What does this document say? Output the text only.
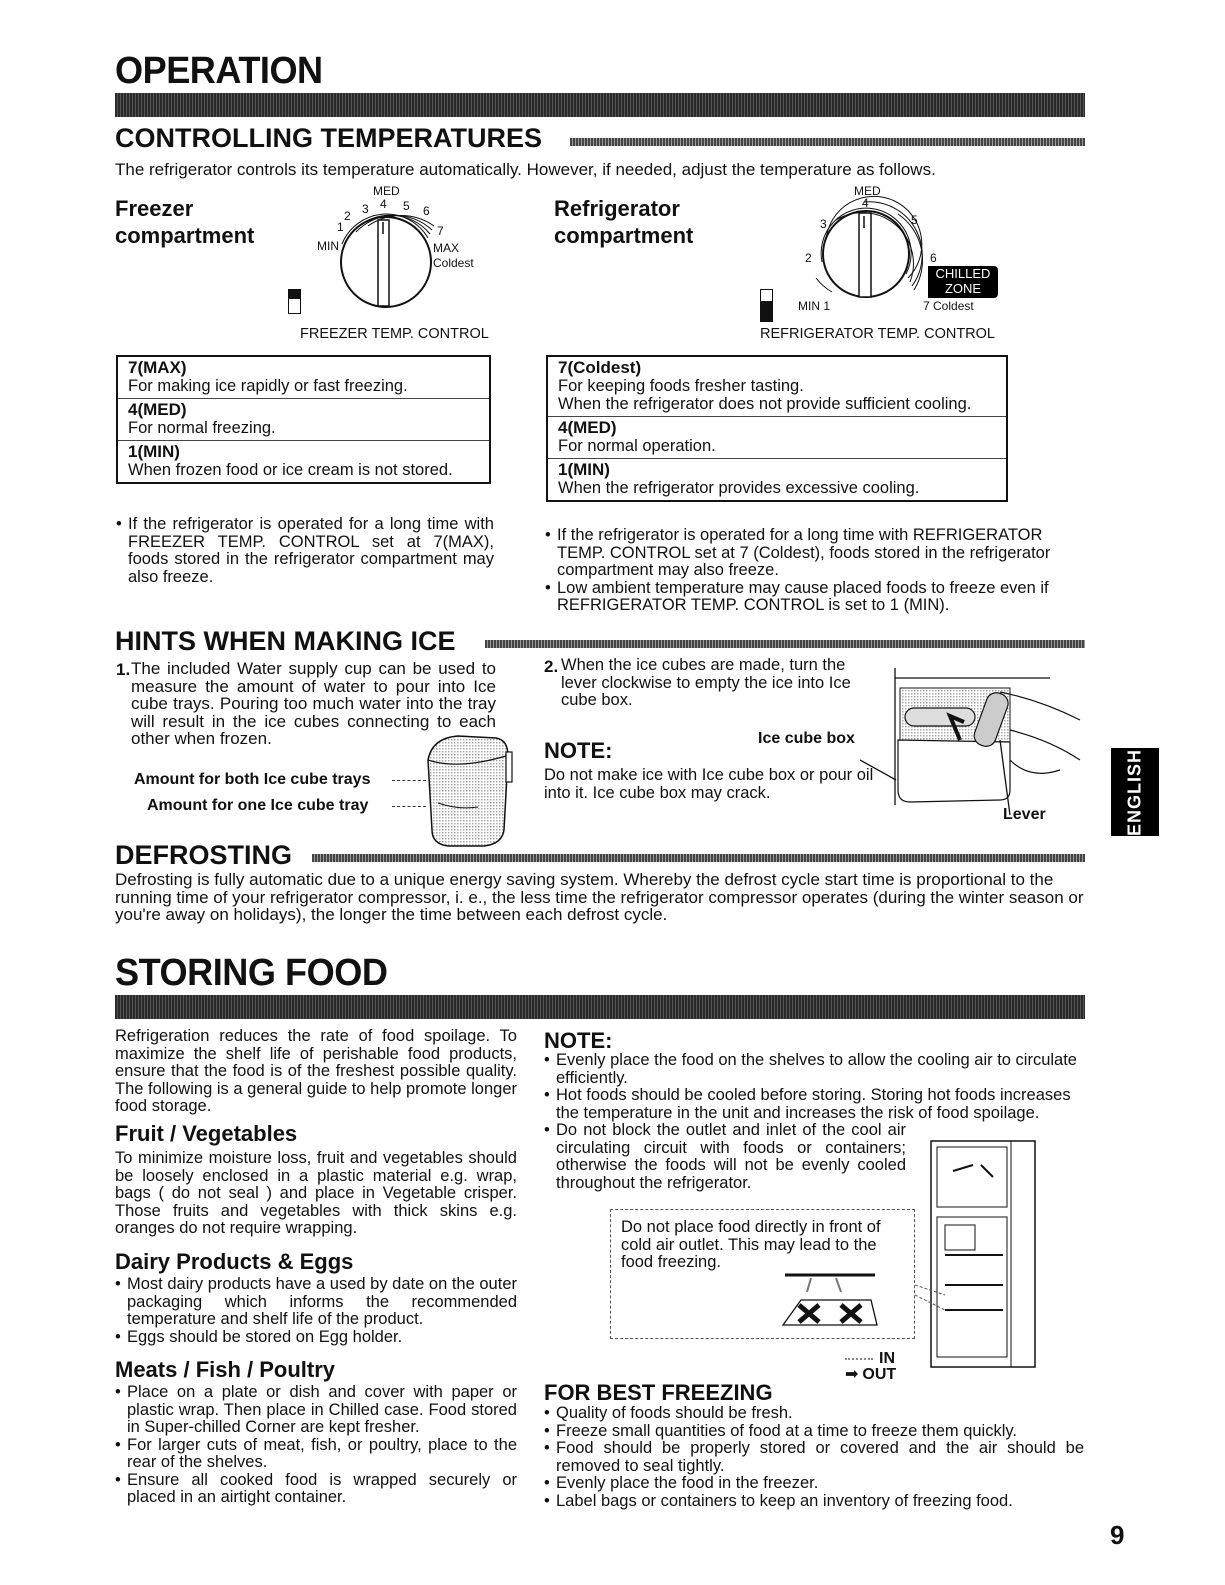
OPERATION
CONTROLLING TEMPERATURES
The refrigerator controls its temperature automatically. However, if needed, adjust the temperature as follows.
Freezer
compartment
MED
1
2 3 4 5 6
7
MIN	MAX
Coldest
FREEZER TEMP. CONTROL
Refrigerator
compartment
MED
2
3
4
5
6
MIN 1	7 Coldest
CHILLED
ZONE
REFRIGERATOR TEMP. CONTROL
7(MAX)
For making ice rapidly or fast freezing.
4(MED)
For normal freezing.
1(MIN)
When frozen food or ice cream is not stored.
• If the refrigerator is operated for a long time with FREEZER TEMP. CONTROL set at 7(MAX), foods stored in the refrigerator compartment may also freeze.
7(Coldest)
For keeping foods fresher tasting.
When the refrigerator does not provide sufficient cooling.
4(MED)
For normal operation.
1(MIN)
When the refrigerator provides excessive cooling.
• If the refrigerator is operated for a long time with REFRIGERATOR TEMP. CONTROL set at 7 (Coldest), foods stored in the refrigerator compartment may also freeze.
• Low ambient temperature may cause placed foods to freeze even if REFRIGERATOR TEMP. CONTROL is set to 1 (MIN).
HINTS WHEN MAKING ICE
1. The included Water supply cup can be used to measure the amount of water to pour into Ice cube trays. Pouring too much water into the tray will result in the ice cubes connecting to each other when frozen.
Amount for both Ice cube trays
Amount for one Ice cube tray
2. When the ice cubes are made, turn the lever clockwise to empty the ice into Ice cube box.
NOTE:
Do not make ice with Ice cube box or pour oil into it. Ice cube box may crack.
Ice cube box
Lever
DEFROSTING
Defrosting is fully automatic due to a unique energy saving system. Whereby the defrost cycle start time is proportional to the running time of your refrigerator compressor, i. e., the less time the refrigerator compressor operates (during the winter season or you're away on holidays), the longer the time between each defrost cycle.
STORING FOOD
Refrigeration reduces the rate of food spoilage. To maximize the shelf life of perishable food products, ensure that the food is of the freshest possible quality. The following is a general guide to help promote longer food storage.
Fruit / Vegetables
To minimize moisture loss, fruit and vegetables should be loosely enclosed in a plastic material e.g. wrap, bags ( do not seal ) and place in Vegetable crisper. Those fruits and vegetables with thick skins e.g. oranges do not require wrapping.
Dairy Products & Eggs
• Most dairy products have a used by date on the outer packaging which informs the recommended temperature and shelf life of the product.
• Eggs should be stored on Egg holder.
Meats / Fish / Poultry
• Place on a plate or dish and cover with paper or plastic wrap. Then place in Chilled case. Food stored in Super-chilled Corner are kept fresher.
• For larger cuts of meat, fish, or poultry, place to the rear of the shelves.
• Ensure all cooked food is wrapped securely or placed in an airtight container.
NOTE:
• Evenly place the food on the shelves to allow the cooling air to circulate efficiently.
• Hot foods should be cooled before storing. Storing hot foods increases the temperature in the unit and increases the risk of food spoilage.
• Do not block the outlet and inlet of the cool air circulating circuit with foods or containers; otherwise the foods will not be evenly cooled throughout the refrigerator.
Do not place food directly in front of cold air outlet. This may lead to the food freezing.
IN
➡ OUT
FOR BEST FREEZING
• Quality of foods should be fresh.
• Freeze small quantities of food at a time to freeze them quickly.
• Food should be properly stored or covered and the air should be removed to seal tightly.
• Evenly place the food in the freezer.
• Label bags or containers to keep an inventory of freezing food.
ENGLISH
9
